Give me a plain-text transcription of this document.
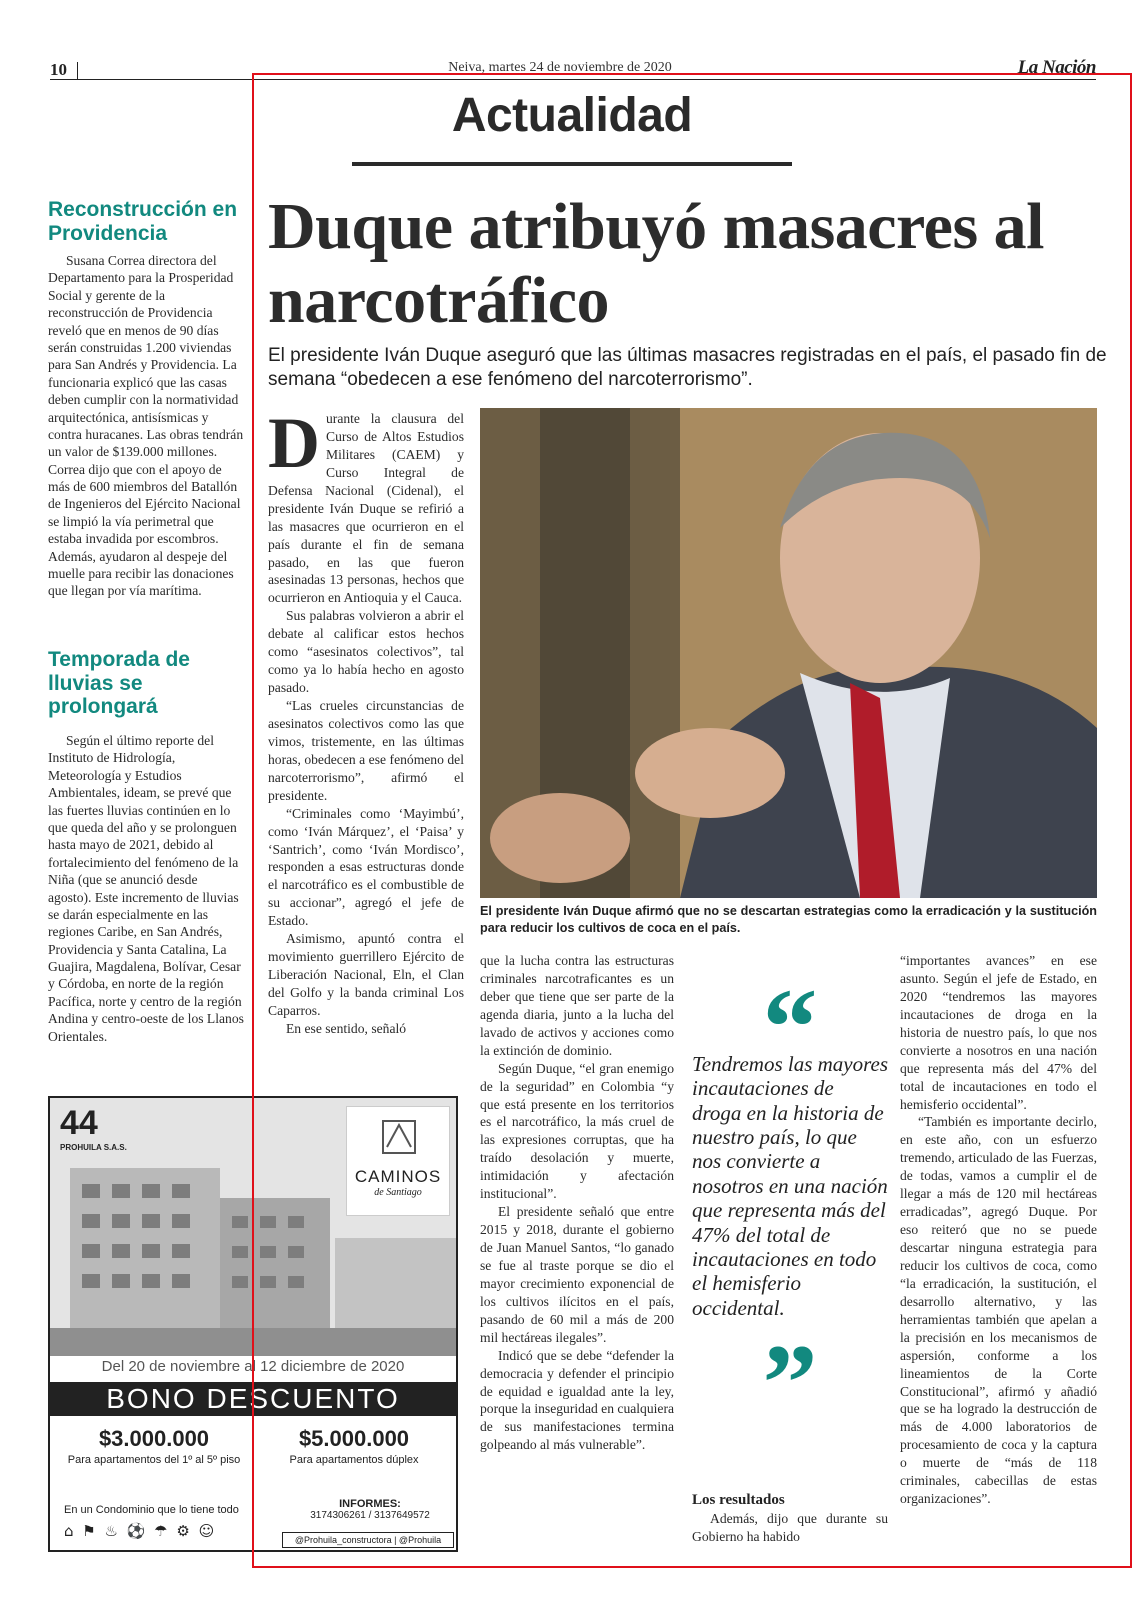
10	Neiva, martes 24 de noviembre de 2020	La Nación
Actualidad
Duque atribuyó masacres al narcotráfico
El presidente Iván Duque aseguró que las últimas masacres registradas en el país, el pasado fin de semana “obedecen a ese fenómeno del narcoterrorismo”.
Reconstrucción en Providencia

Susana Correa directora del Departamento para la Prosperidad Social y gerente de la reconstrucción de Providencia reveló que en menos de 90 días serán construidas 1.200 viviendas para San Andrés y Providencia. La funcionaria explicó que las casas deben cumplir con la normatividad arquitectónica, antisísmicas y contra huracanes. Las obras tendrán un valor de $139.000 millones. Correa dijo que con el apoyo de más de 600 miembros del Batallón de Ingenieros del Ejército Nacional se limpió la vía perimetral que estaba invadida por escombros. Además, ayudaron al despeje del muelle para recibir las donaciones que llegan por vía marítima.

Temporada de lluvias se prolongará

Según el último reporte del Instituto de Hidrología, Meteorología y Estudios Ambientales, ideam, se prevé que las fuertes lluvias continúen en lo que queda del año y se prolonguen hasta mayo de 2021, debido al fortalecimiento del fenómeno de la Niña (que se anunció desde agosto). Este incremento de lluvias se darán especialmente en las regiones Caribe, en San Andrés, Providencia y Santa Catalina, La Guajira, Magdalena, Bolívar, Cesar y Córdoba, en norte de la región Pacífica, norte y centro de la región Andina y centro-oeste de los Llanos Orientales.

Durante la clausura del Curso de Altos Estudios Militares (CAEM) y Curso Integral de Defensa Nacional (Cidenal), el presidente Iván Duque se refirió a las masacres que ocurrieron en el país durante el fin de semana pasado, en las que fueron asesinadas 13 personas, hechos que ocurrieron en Antioquia y el Cauca.

Sus palabras volvieron a abrir el debate al calificar estos hechos como “asesinatos colectivos”, tal como ya lo había hecho en agosto pasado.

“Las crueles circunstancias de asesinatos colectivos como las que vimos, tristemente, en las últimas horas, obedecen a ese fenómeno del narcoterrorismo”, afirmó el presidente.

“Criminales como ‘Mayimbú’, como ‘Iván Márquez’, el ‘Paisa’ y ‘Santrich’, como ‘Iván Mordisco’, responden a esas estructuras donde el narcotráfico es el combustible de su accionar”, agregó el jefe de Estado.

Asimismo, apuntó contra el movimiento guerrillero Ejército de Liberación Nacional, Eln, el Clan del Golfo y la banda criminal Los Caparros.

En ese sentido, señaló

El presidente Iván Duque afirmó que no se descartan estrategias como la erradicación y la sustitución para reducir los cultivos de coca en el país.

que la lucha contra las estructuras criminales narcotraficantes es un deber que tiene que ser parte de la agenda diaria, junto a la lucha del lavado de activos y acciones como la extinción de dominio.

Según Duque, “el gran enemigo de la seguridad” en Colombia “y que está presente en los territorios es el narcotráfico, la más cruel de las expresiones corruptas, que ha traído desolación y muerte, intimidación y afectación institucional”.

El presidente señaló que entre 2015 y 2018, durante el gobierno de Juan Manuel Santos, “lo ganado se fue al traste porque se dio el mayor crecimiento exponencial de los cultivos ilícitos en el país, pasando de 60 mil a más de 200 mil hectáreas ilegales”.

Indicó que se debe “defender la democracia y defender el principio de equidad e igualdad ante la ley, porque la inseguridad en cualquiera de sus manifestaciones termina golpeando al más vulnerable”.

“
Tendremos las mayores incautaciones de droga en la historia de nuestro país, lo que nos convierte a nosotros en una nación que representa más del 47% del total de incautaciones en todo el hemisferio occidental.
”
Los resultados

Además, dijo que durante su Gobierno ha habido

“importantes avances” en ese asunto. Según el jefe de Estado, en 2020 “tendremos las mayores incautaciones de droga en la historia de nuestro país, lo que nos convierte a nosotros en una nación que representa más del 47% del total de incautaciones en todo el hemisferio occidental”.

“También es importante decirlo, en este año, con un esfuerzo tremendo, articulado de las Fuerzas, de todas, vamos a cumplir el de llegar a más de 120 mil hectáreas erradicadas”, agregó Duque. Por eso reiteró que no se puede descartar ninguna estrategia para reducir los cultivos de coca, como “la erradicación, la sustitución, el desarrollo alternativo, y las herramientas también que apelan a la precisión en los mecanismos de aspersión, conforme a los lineamientos de la Corte Constitucional”, afirmó y añadió que se ha logrado la destrucción de más de 4.000 laboratorios de procesamiento de coca y la captura o muerte de “más de 118 criminales, cabecillas de estas organizaciones”.

44
PROHUILA S.A.S.
CAMINOS
de Santiago
Del 20 de noviembre al 12 diciembre de 2020
BONO DESCUENTO
$3.000.000
Para apartamentos del 1º al 5º piso
$5.000.000
Para apartamentos dúplex
En un Condominio que lo tiene todo
⌂ ⚑ ♨ ⚽ ☂ ⚙ ☺
INFORMES:
3174306261 / 3137649572
@Prohuila_constructora | @Prohuila
